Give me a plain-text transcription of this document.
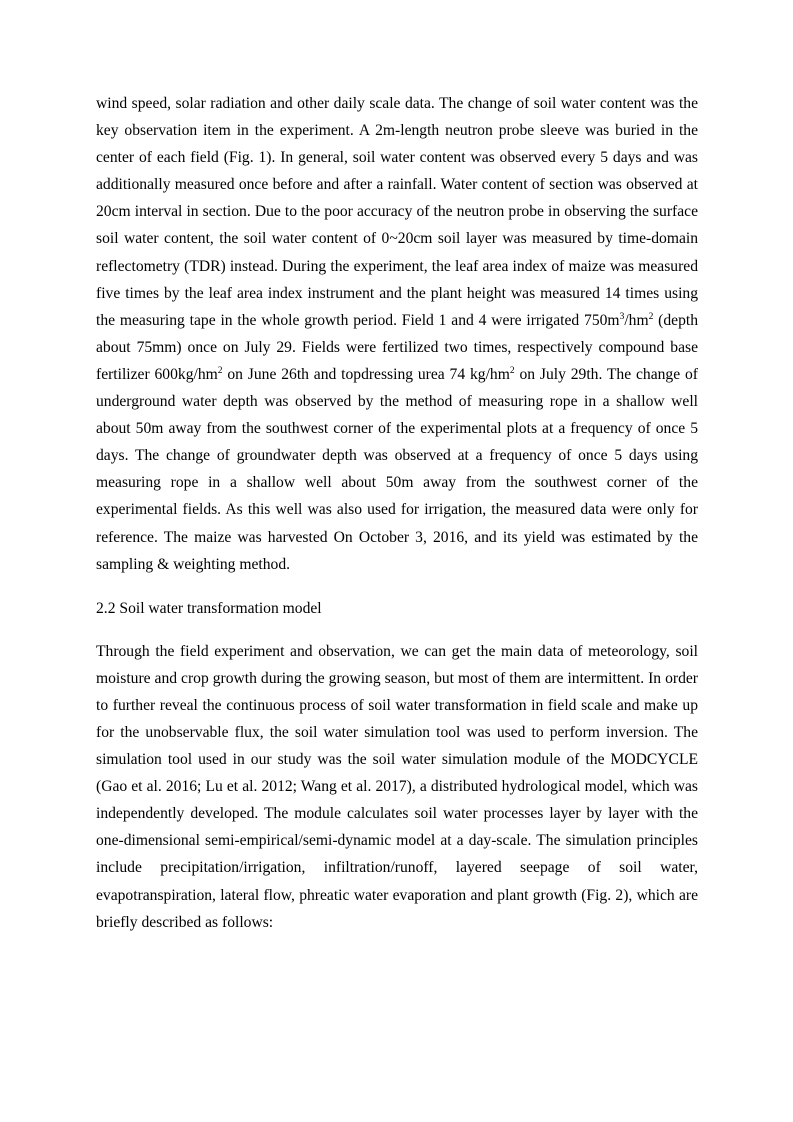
wind speed, solar radiation and other daily scale data. The change of soil water content was the key observation item in the experiment. A 2m-length neutron probe sleeve was buried in the center of each field (Fig. 1). In general, soil water content was observed every 5 days and was additionally measured once before and after a rainfall. Water content of section was observed at 20cm interval in section. Due to the poor accuracy of the neutron probe in observing the surface soil water content, the soil water content of 0~20cm soil layer was measured by time-domain reflectometry (TDR) instead. During the experiment, the leaf area index of maize was measured five times by the leaf area index instrument and the plant height was measured 14 times using the measuring tape in the whole growth period. Field 1 and 4 were irrigated $750m^3/hm^2$ (depth about 75mm) once on July 29. Fields were fertilized two times, respectively compound base fertilizer $600kg/hm^2$ on June 26th and topdressing urea 74 $kg/hm^2$ on July 29th. The change of underground water depth was observed by the method of measuring rope in a shallow well about 50m away from the southwest corner of the experimental plots at a frequency of once 5 days. The change of groundwater depth was observed at a frequency of once 5 days using measuring rope in a shallow well about 50m away from the southwest corner of the experimental fields. As this well was also used for irrigation, the measured data were only for reference. The maize was harvested On October 3, 2016, and its yield was estimated by the sampling & weighting method.

2.2 Soil water transformation model

Through the field experiment and observation, we can get the main data of meteorology, soil moisture and crop growth during the growing season, but most of them are intermittent. In order to further reveal the continuous process of soil water transformation in field scale and make up for the unobservable flux, the soil water simulation tool was used to perform inversion. The simulation tool used in our study was the soil water simulation module of the MODCYCLE (Gao et al. 2016; Lu et al. 2012; Wang et al. 2017), a distributed hydrological model, which was independently developed. The module calculates soil water processes layer by layer with the one-dimensional semi-empirical/semi-dynamic model at a day-scale. The simulation principles include precipitation/irrigation, infiltration/runoff, layered seepage of soil water, evapotranspiration, lateral flow, phreatic water evaporation and plant growth (Fig. 2), which are briefly described as follows:
